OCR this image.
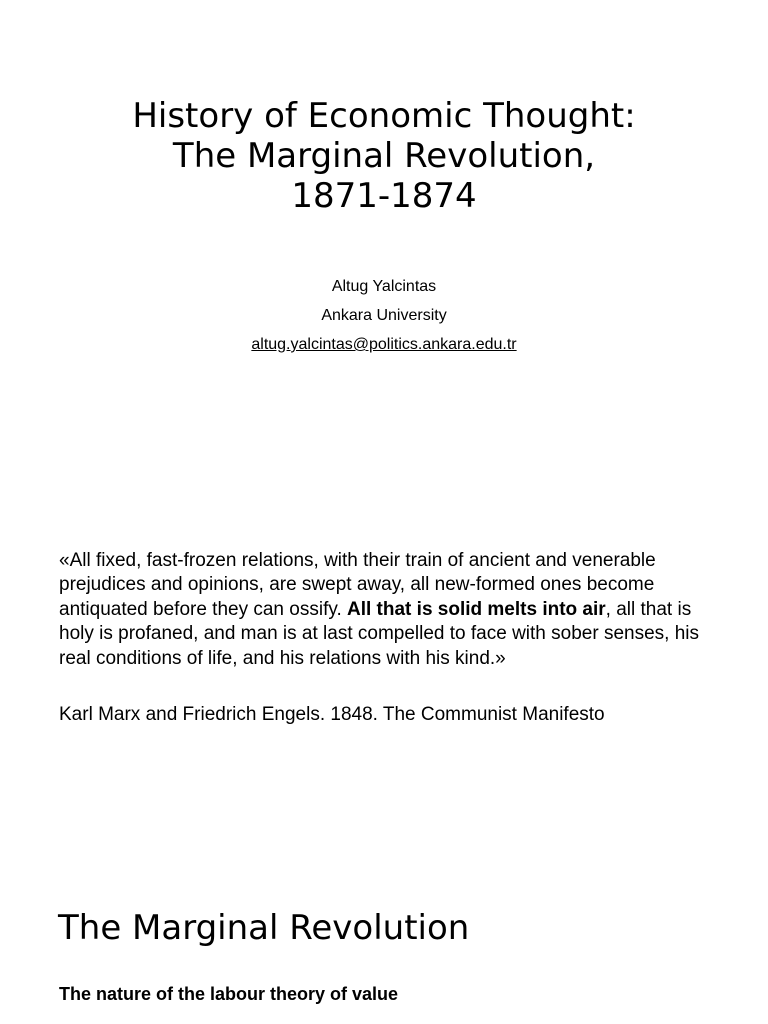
History of Economic Thought:
The Marginal Revolution,
1871-1874
Altug Yalcintas
Ankara University
altug.yalcintas@politics.ankara.edu.tr

«All fixed, fast-frozen relations, with their train of ancient and venerable prejudices and opinions, are swept away, all new-formed ones become antiquated before they can ossify. All that is solid melts into air, all that is holy is profaned, and man is at last compelled to face with sober senses, his real conditions of life, and his relations with his kind.»

Karl Marx and Friedrich Engels. 1848. The Communist Manifesto

The Marginal Revolution

The nature of the labour theory of value
